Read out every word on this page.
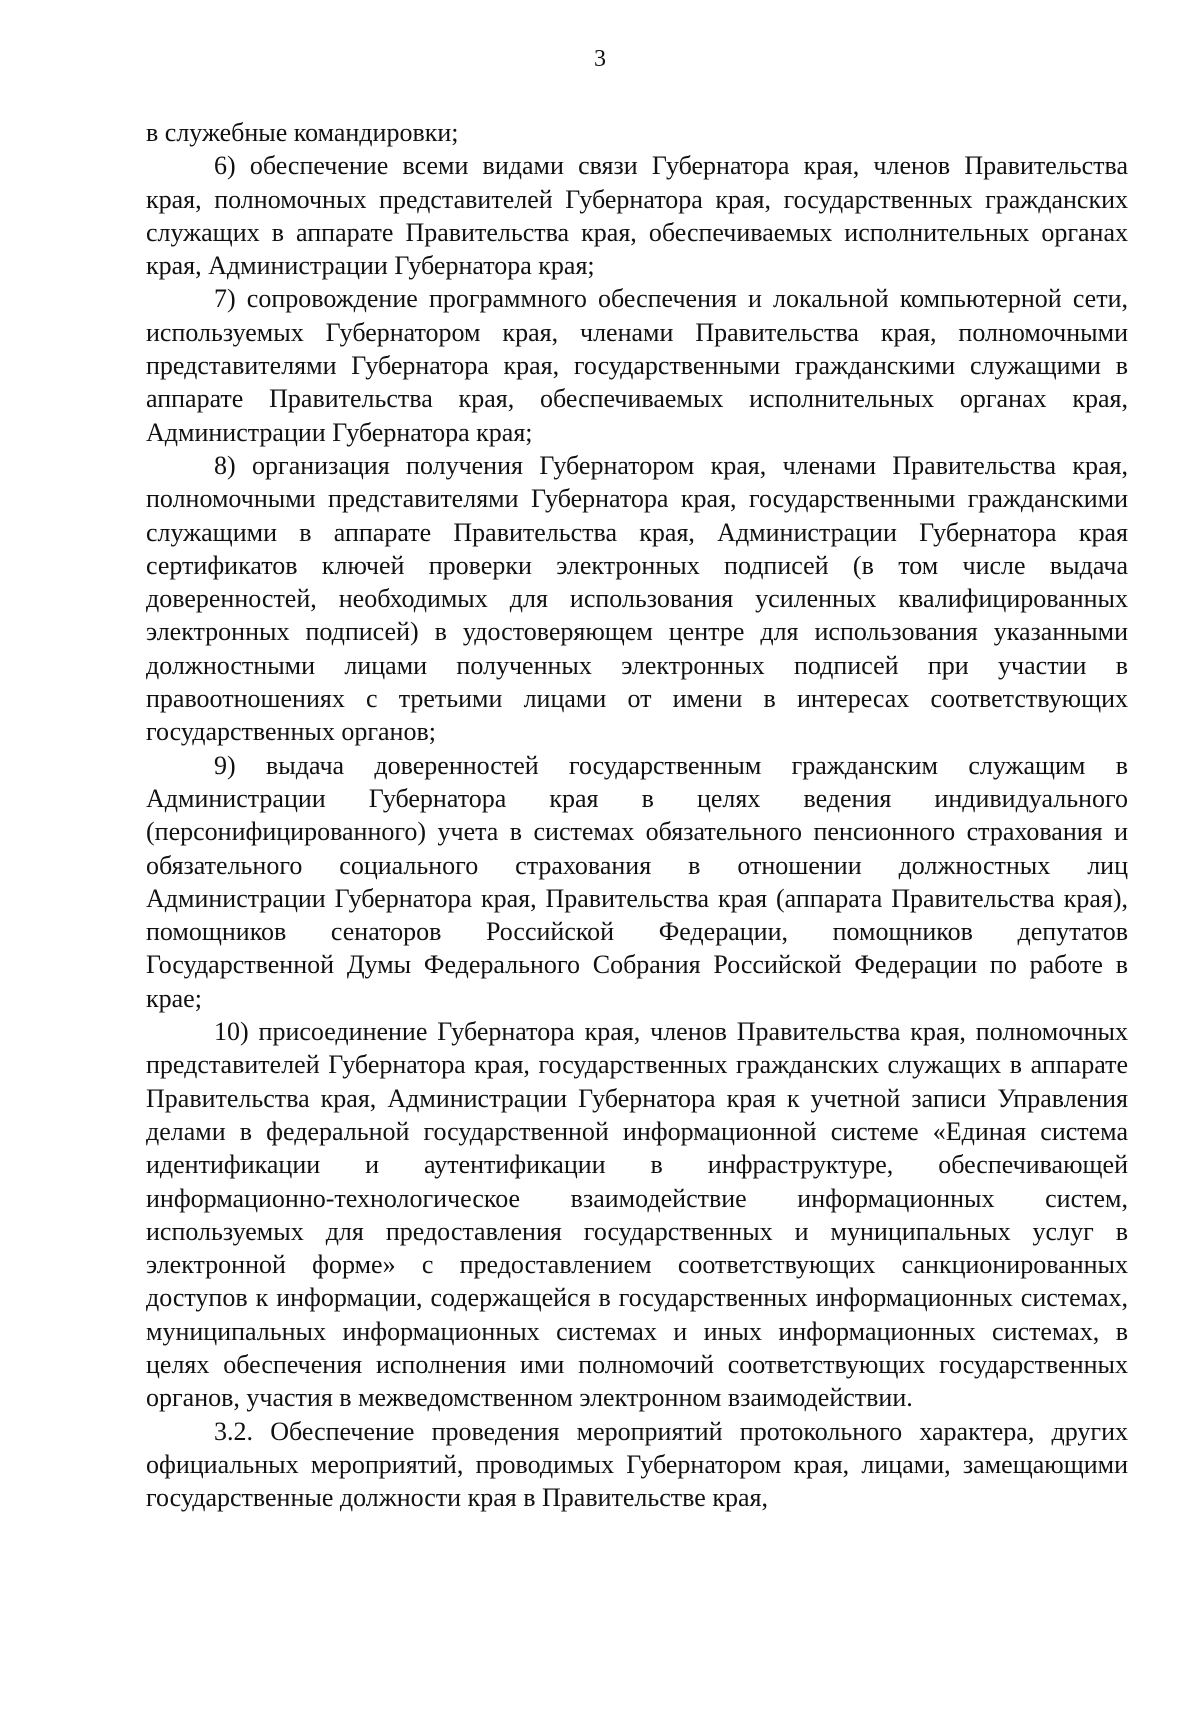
3

в служебные командировки;

6) обеспечение всеми видами связи Губернатора края, членов Правительства края, полномочных представителей Губернатора края, государственных гражданских служащих в аппарате Правительства края, обеспечиваемых исполнительных органах края, Администрации Губернатора края;

7) сопровождение программного обеспечения и локальной компьютерной сети, используемых Губернатором края, членами Правительства края, полномочными представителями Губернатора края, государственными гражданскими служащими в аппарате Правительства края, обеспечиваемых исполнительных органах края, Администрации Губернатора края;

8) организация получения Губернатором края, членами Правительства края, полномочными представителями Губернатора края, государственными гражданскими служащими в аппарате Правительства края, Администрации Губернатора края сертификатов ключей проверки электронных подписей (в том числе выдача доверенностей, необходимых для использования усиленных квалифицированных электронных подписей) в удостоверяющем центре для использования указанными должностными лицами полученных электронных подписей при участии в правоотношениях с третьими лицами от имени в интересах соответствующих государственных органов;

9) выдача доверенностей государственным гражданским служащим в Администрации Губернатора края в целях ведения индивидуального (персонифицированного) учета в системах обязательного пенсионного страхования и обязательного социального страхования в отношении должностных лиц Администрации Губернатора края, Правительства края (аппарата Правительства края), помощников сенаторов Российской Федерации, помощников депутатов Государственной Думы Федерального Собрания Российской Федерации по работе в крае;

10) присоединение Губернатора края, членов Правительства края, полномочных представителей Губернатора края, государственных гражданских служащих в аппарате Правительства края, Администрации Губернатора края к учетной записи Управления делами в федеральной государственной информационной системе «Единая система идентификации и аутентификации в инфраструктуре, обеспечивающей информационно-технологическое взаимодействие информационных систем, используемых для предоставления государственных и муниципальных услуг в электронной форме» с предоставлением соответствующих санкционированных доступов к информации, содержащейся в государственных информационных системах, муниципальных информационных системах и иных информационных системах, в целях обеспечения исполнения ими полномочий соответствующих государственных органов, участия в межведомственном электронном взаимодействии.

3.2. Обеспечение проведения мероприятий протокольного характера, других официальных мероприятий, проводимых Губернатором края, лицами, замещающими государственные должности края в Правительстве края,
